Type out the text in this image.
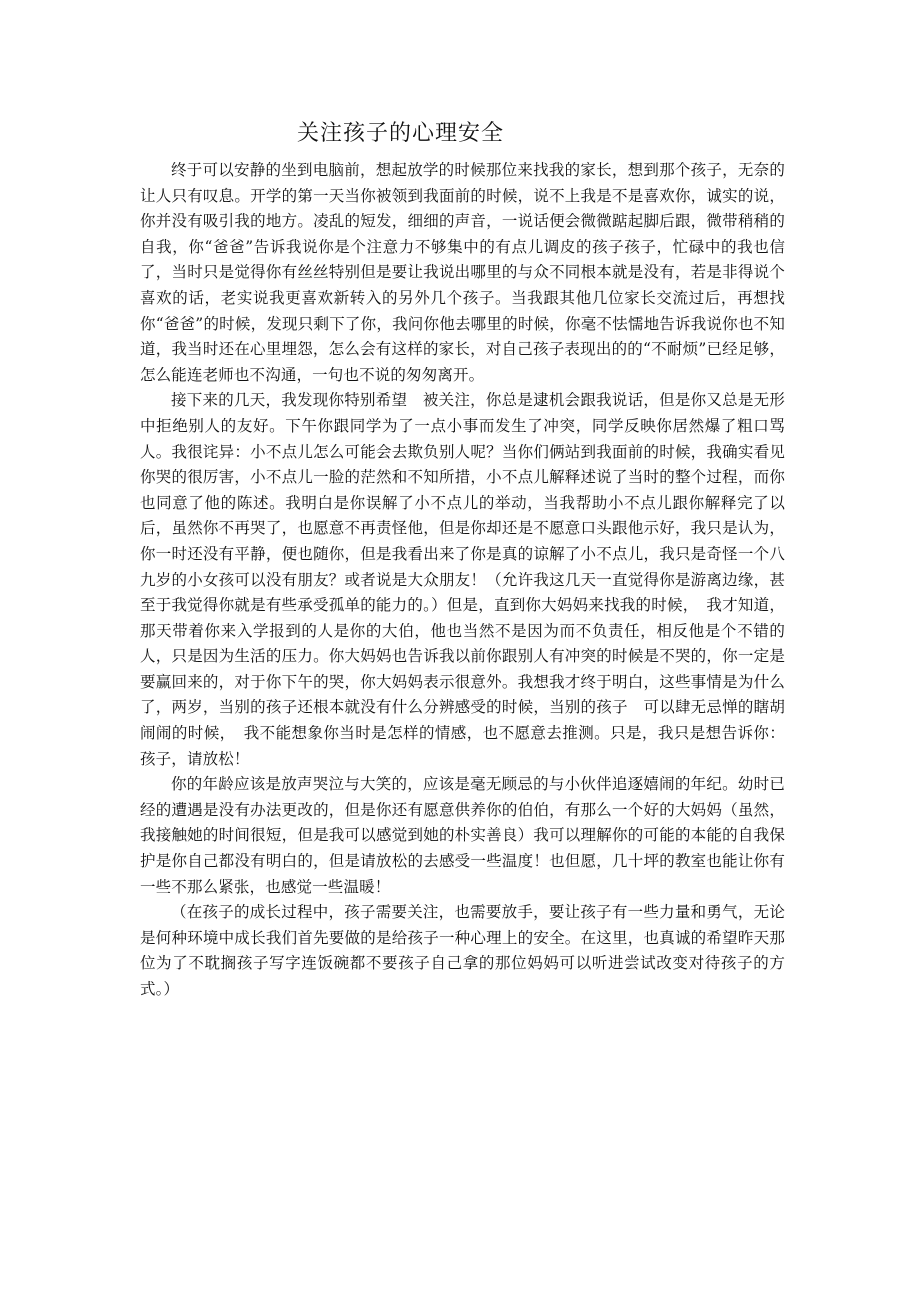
关注孩子的心理安全

终于可以安静的坐到电脑前，想起放学的时候那位来找我的家长，想到那个孩子，无奈的让人只有叹息。开学的第一天当你被领到我面前的时候，说不上我是不是喜欢你，诚实的说，你并没有吸引我的地方。凌乱的短发，细细的声音，一说话便会微微踮起脚后跟，微带稍稍的自我，你“爸爸”告诉我说你是个注意力不够集中的有点儿调皮的孩子孩子，忙碌中的我也信了，当时只是觉得你有丝丝特别但是要让我说出哪里的与众不同根本就是没有，若是非得说个喜欢的话，老实说我更喜欢新转入的另外几个孩子。当我跟其他几位家长交流过后，再想找你“爸爸”的时候，发现只剩下了你，我问你他去哪里的时候，你毫不怯懦地告诉我说你也不知道，我当时还在心里埋怨，怎么会有这样的家长，对自己孩子表现出的的“不耐烦”已经足够，怎么能连老师也不沟通，一句也不说的匆匆离开。

接下来的几天，我发现你特别希望　被关注，你总是逮机会跟我说话，但是你又总是无形中拒绝别人的友好。下午你跟同学为了一点小事而发生了冲突，同学反映你居然爆了粗口骂人。我很诧异：小不点儿怎么可能会去欺负别人呢？当你们俩站到我面前的时候，我确实看见你哭的很厉害，小不点儿一脸的茫然和不知所措，小不点儿解释述说了当时的整个过程，而你也同意了他的陈述。我明白是你误解了小不点儿的举动，当我帮助小不点儿跟你解释完了以后，虽然你不再哭了，也愿意不再责怪他，但是你却还是不愿意口头跟他示好，我只是认为，你一时还没有平静，便也随你，但是我看出来了你是真的谅解了小不点儿，我只是奇怪一个八九岁的小女孩可以没有朋友？或者说是大众朋友！（允许我这几天一直觉得你是游离边缘，甚至于我觉得你就是有些承受孤单的能力的。）但是，直到你大妈妈来找我的时候，　我才知道，那天带着你来入学报到的人是你的大伯，他也当然不是因为而不负责任，相反他是个不错的人，只是因为生活的压力。你大妈妈也告诉我以前你跟别人有冲突的时候是不哭的，你一定是要赢回来的，对于你下午的哭，你大妈妈表示很意外。我想我才终于明白，这些事情是为什么了，两岁，当别的孩子还根本就没有什么分辨感受的时候，当别的孩子　可以肆无忌惮的瞎胡闹闹的时候，　我不能想象你当时是怎样的情感，也不愿意去推测。只是，我只是想告诉你：孩子，请放松！

你的年龄应该是放声哭泣与大笑的，应该是毫无顾忌的与小伙伴追逐嬉闹的年纪。幼时已经的遭遇是没有办法更改的，但是你还有愿意供养你的伯伯，有那么一个好的大妈妈（虽然，我接触她的时间很短，但是我可以感觉到她的朴实善良）我可以理解你的可能的本能的自我保护是你自己都没有明白的，但是请放松的去感受一些温度！也但愿，几十坪的教室也能让你有一些不那么紧张，也感觉一些温暖！

（在孩子的成长过程中，孩子需要关注，也需要放手，要让孩子有一些力量和勇气，无论是何种环境中成长我们首先要做的是给孩子一种心理上的安全。在这里，也真诚的希望昨天那位为了不耽搁孩子写字连饭碗都不要孩子自己拿的那位妈妈可以听进尝试改变对待孩子的方式。）
